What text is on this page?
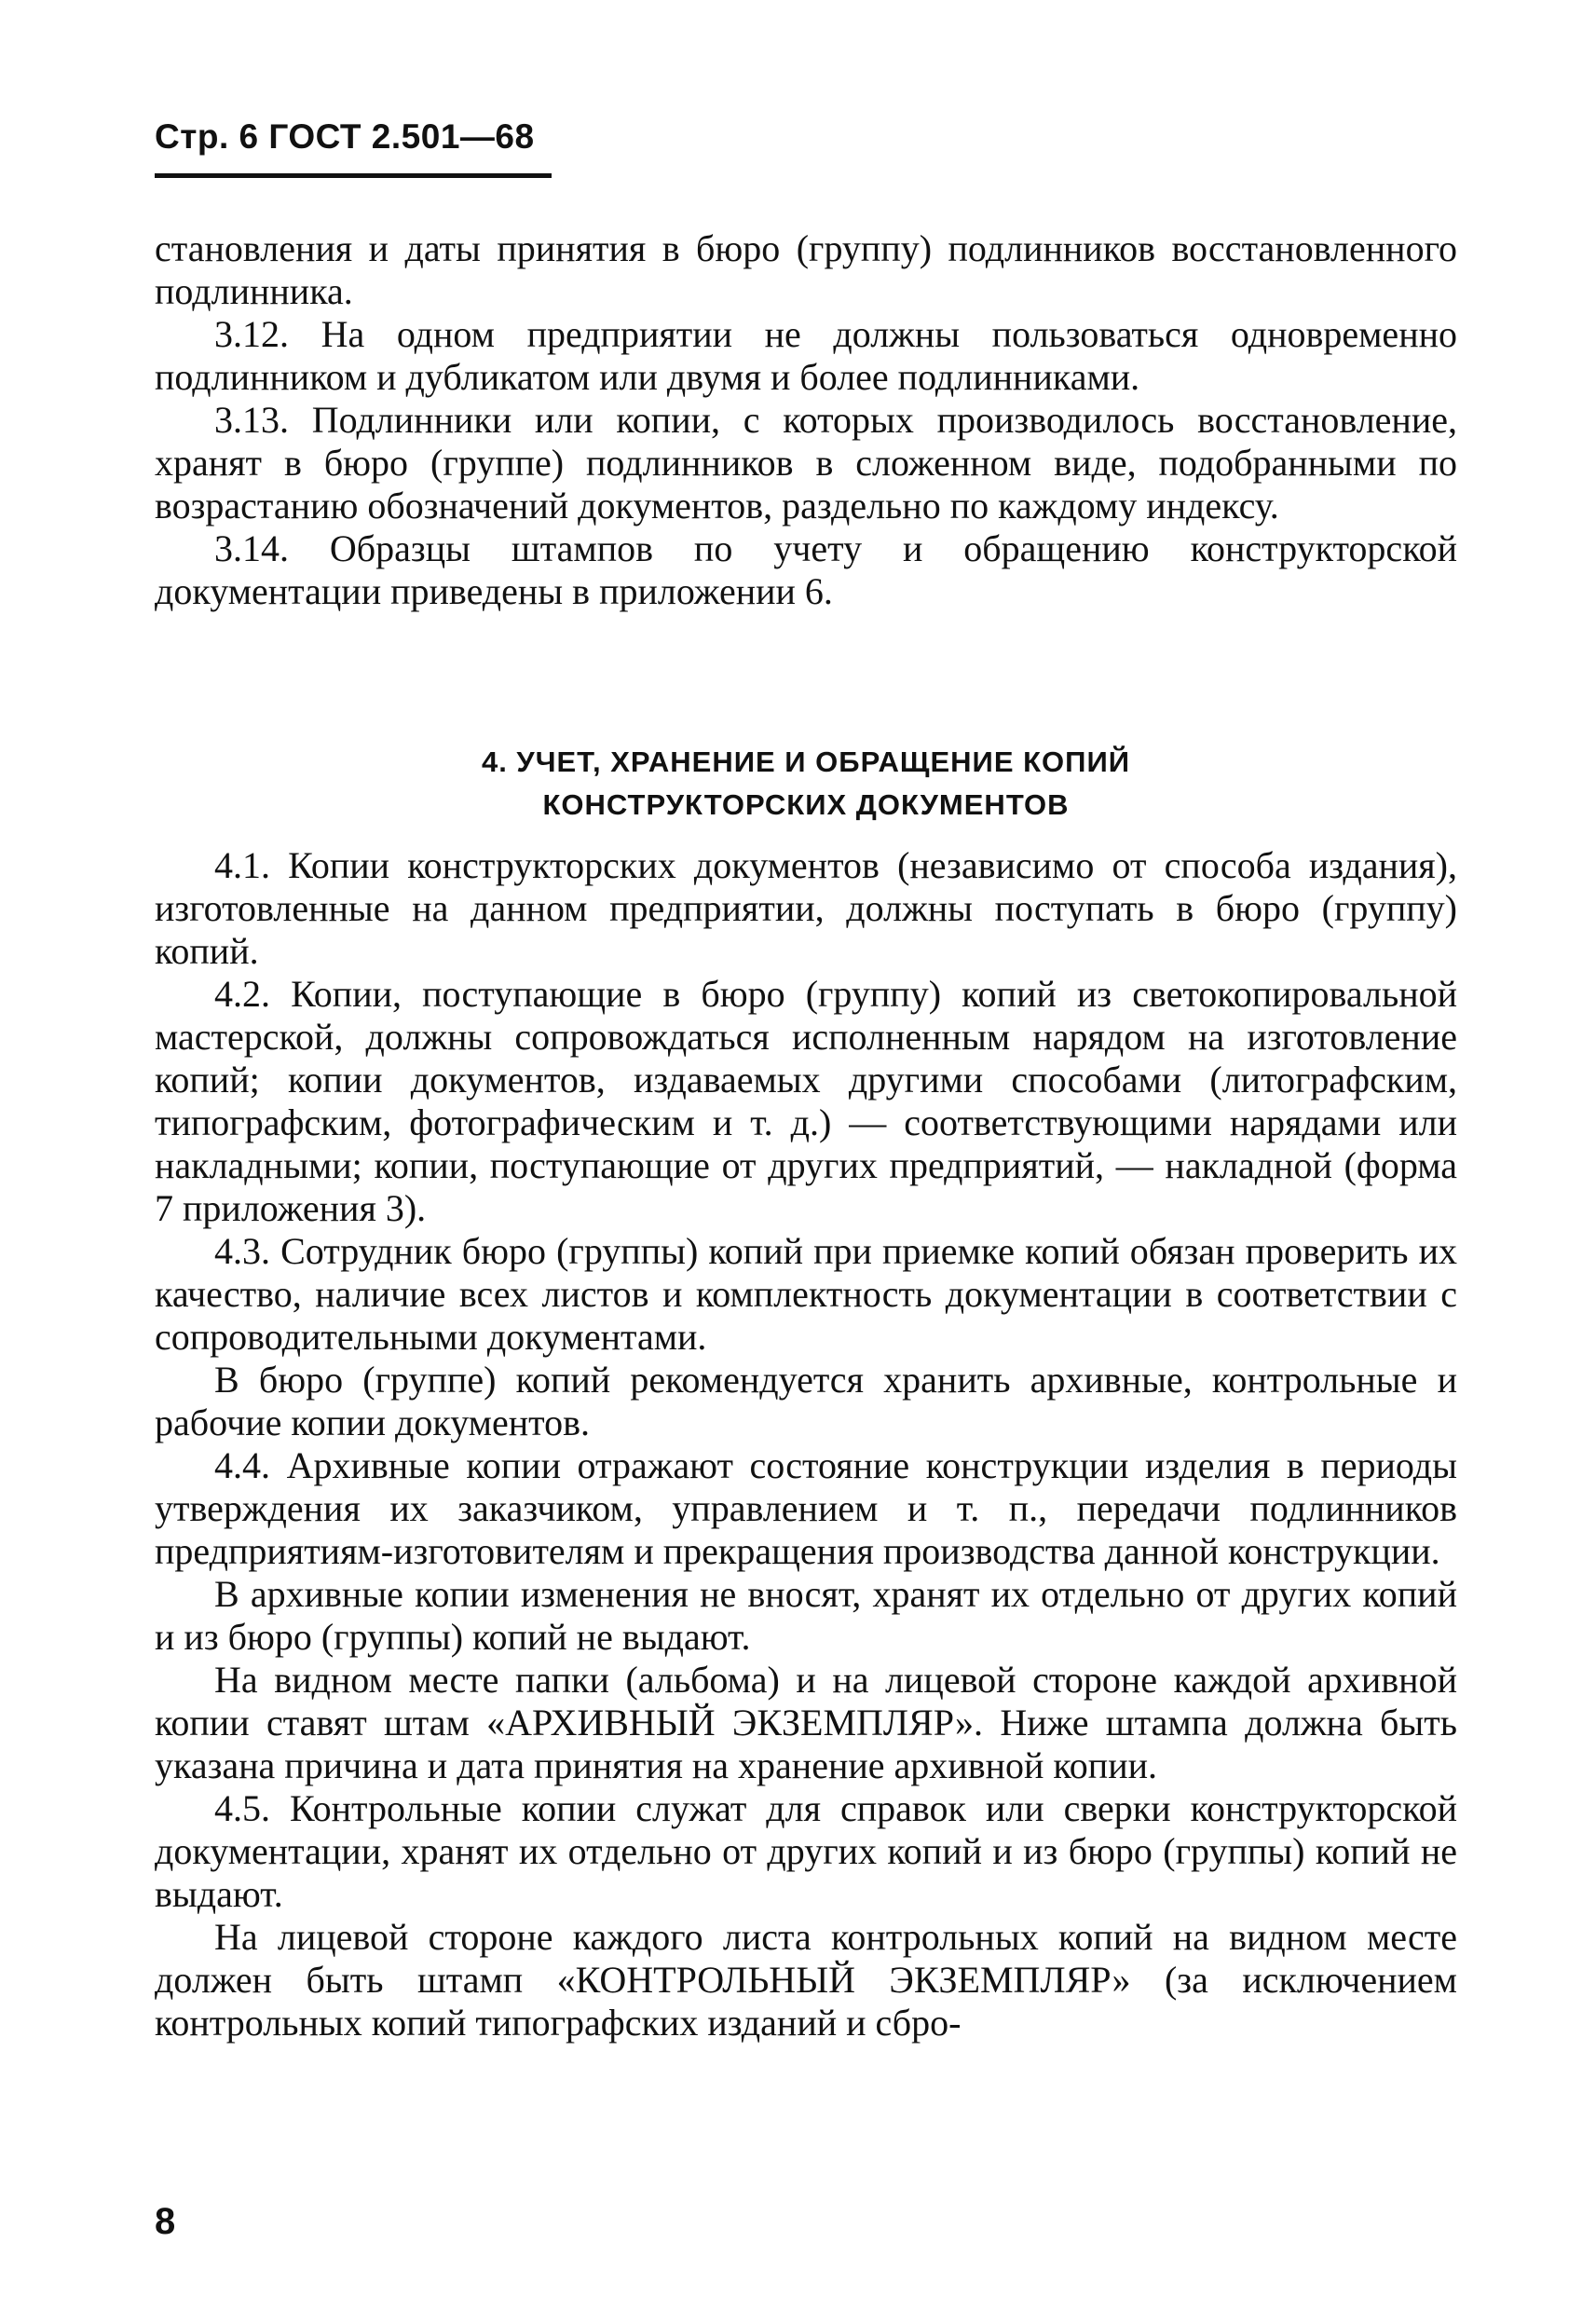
Стр. 6 ГОСТ 2.501—68

становления и даты принятия в бюро (группу) подлинников восстановленного подлинника.

3.12. На одном предприятии не должны пользоваться одновременно подлинником и дубликатом или двумя и более подлинниками.

3.13. Подлинники или копии, с которых производилось восстановление, хранят в бюро (группе) подлинников в сложенном виде, подобранными по возрастанию обозначений документов, раздельно по каждому индексу.

3.14. Образцы штампов по учету и обращению конструкторской документации приведены в приложении 6.

4. УЧЕТ, ХРАНЕНИЕ И ОБРАЩЕНИЕ КОПИЙ
КОНСТРУКТОРСКИХ ДОКУМЕНТОВ

4.1. Копии конструкторских документов (независимо от способа издания), изготовленные на данном предприятии, должны поступать в бюро (группу) копий.

4.2. Копии, поступающие в бюро (группу) копий из светокопировальной мастерской, должны сопровождаться исполненным нарядом на изготовление копий; копии документов, издаваемых другими способами (литографским, типографским, фотографическим и т. д.) — соответствующими нарядами или накладными; копии, поступающие от других предприятий, — накладной (форма 7 приложения 3).

4.3. Сотрудник бюро (группы) копий при приемке копий обязан проверить их качество, наличие всех листов и комплектность документации в соответствии с сопроводительными документами.

В бюро (группе) копий рекомендуется хранить архивные, контрольные и рабочие копии документов.

4.4. Архивные копии отражают состояние конструкции изделия в периоды утверждения их заказчиком, управлением и т. п., передачи подлинников предприятиям-изготовителям и прекращения производства данной конструкции.

В архивные копии изменения не вносят, хранят их отдельно от других копий и из бюро (группы) копий не выдают.

На видном месте папки (альбома) и на лицевой стороне каждой архивной копии ставят штам «АРХИВНЫЙ ЭКЗЕМПЛЯР». Ниже штампа должна быть указана причина и дата принятия на хранение архивной копии.

4.5. Контрольные копии служат для справок или сверки конструкторской документации, хранят их отдельно от других копий и из бюро (группы) копий не выдают.

На лицевой стороне каждого листа контрольных копий на видном месте должен быть штамп «КОНТРОЛЬНЫЙ ЭКЗЕМПЛЯР» (за исключением контрольных копий типографских изданий и сбро-

8
